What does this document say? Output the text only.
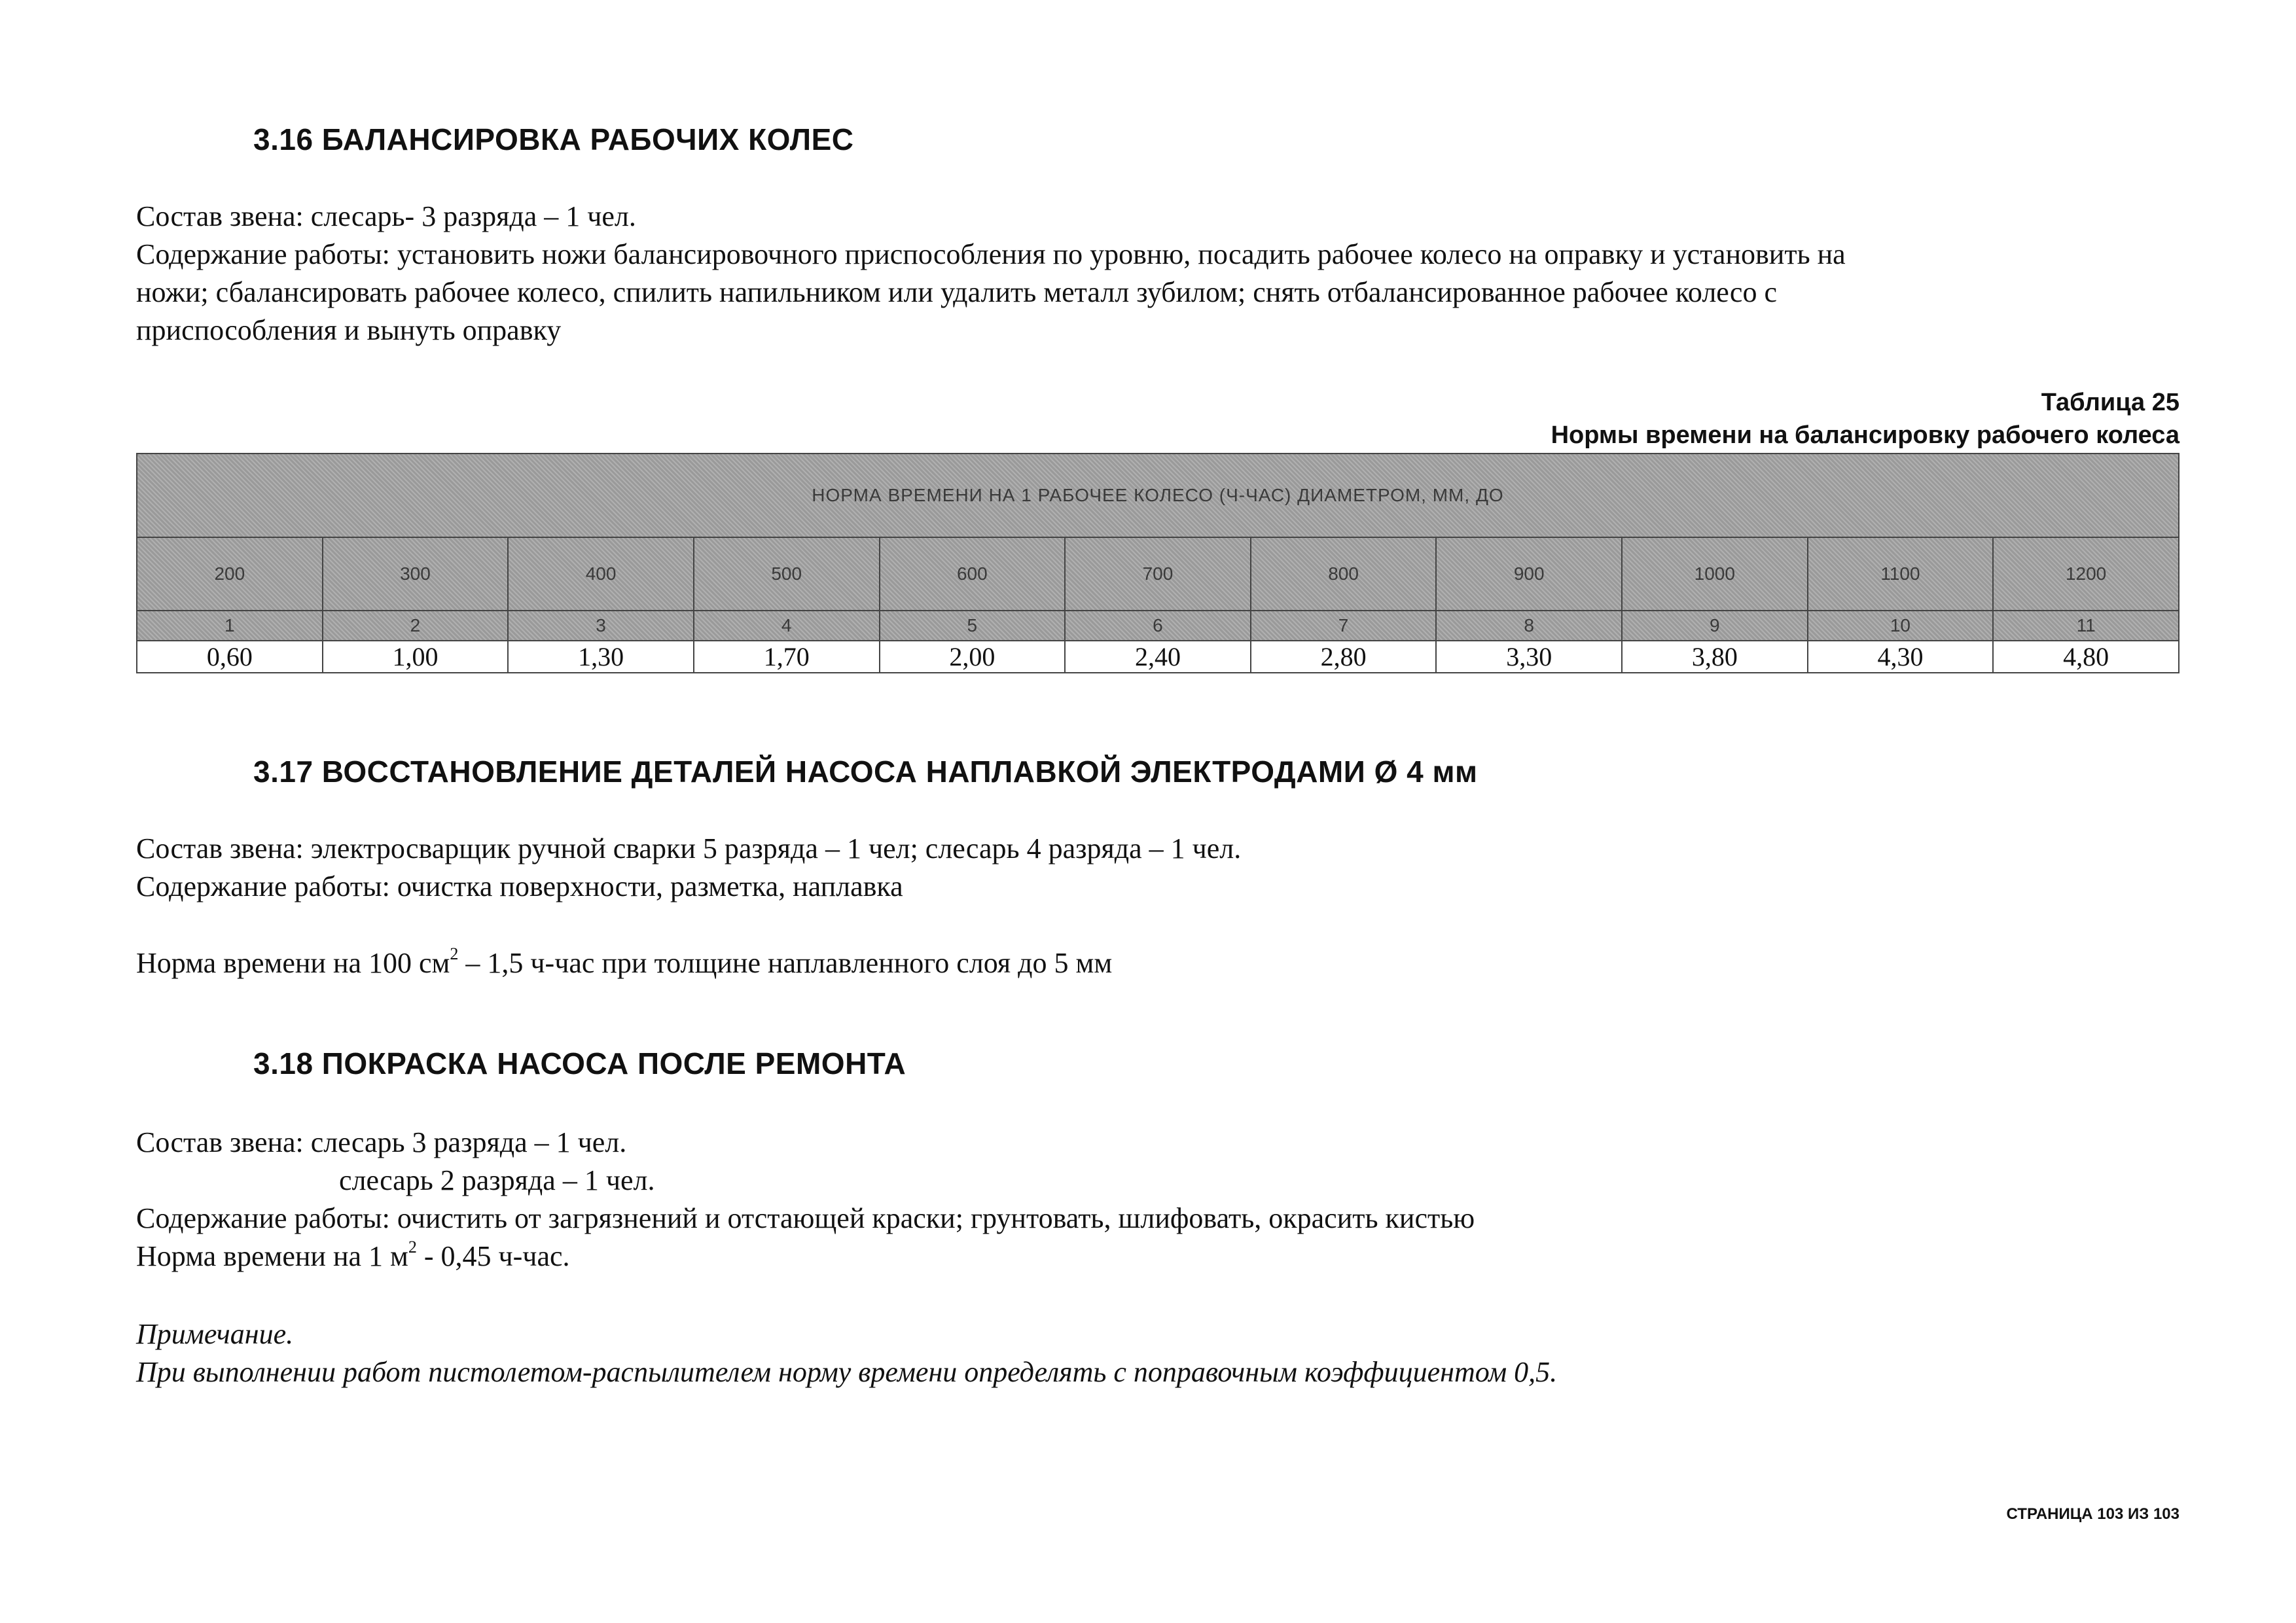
3.16 БАЛАНСИРОВКА РАБОЧИХ КОЛЕС
Состав звена: слесарь- 3 разряда – 1 чел.
Содержание работы: установить ножи балансировочного приспособления по уровню, посадить рабочее колесо на оправку и установить на
ножи; сбалансировать рабочее колесо, спилить напильником или удалить металл зубилом; снять отбалансированное рабочее колесо с
приспособления и вынуть оправку
Таблица 25
Нормы времени на балансировку рабочего колеса
НОРМА ВРЕМЕНИ НА 1 РАБОЧЕЕ КОЛЕСО (Ч-ЧАС) ДИАМЕТРОМ, ММ, ДО										
200	300	400	500	600	700	800	900	1000	1100	1200
1	2	3	4	5	6	7	8	9	10	11
0,60	1,00	1,30	1,70	2,00	2,40	2,80	3,30	3,80	4,30	4,80
3.17 ВОССТАНОВЛЕНИЕ ДЕТАЛЕЙ НАСОСА НАПЛАВКОЙ ЭЛЕКТРОДАМИ Ø 4 мм
Состав звена: электросварщик ручной сварки 5 разряда – 1 чел; слесарь 4 разряда – 1 чел.
Содержание работы: очистка поверхности, разметка, наплавка
Норма времени на 100 $см^2 - 1,5$ ч-час при толщине наплавленного слоя до 5 мм
3.18 ПОКРАСКА НАСОСА ПОСЛЕ РЕМОНТА
Состав звена: слесарь 3 разряда – 1 чел.
слесарь 2 разряда – 1 чел.
Содержание работы: очистить от загрязнений и отстающей краски; грунтовать, шлифовать, окрасить кистью
Норма времени на 1 $м^2 - 0,45$ ч-час.
Примечание.
При выполнении работ пистолетом-распылителем норму времени определять с поправочным коэффициентом 0,5.
СТРАНИЦА 103 ИЗ 103
